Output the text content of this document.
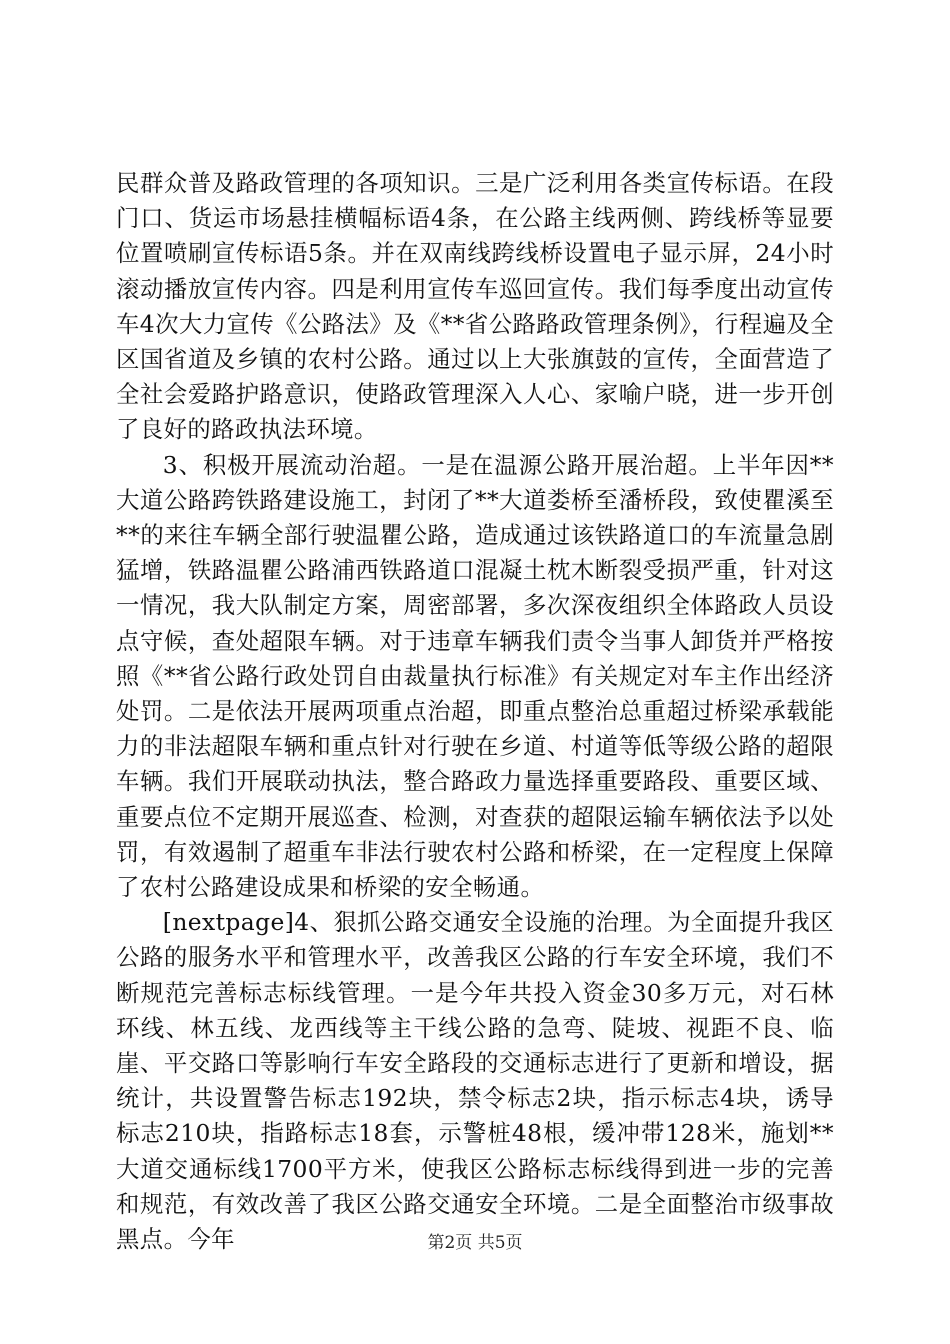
民群众普及路政管理的各项知识。三是广泛利用各类宣传标语。在段门口、货运市场悬挂横幅标语4条，在公路主线两侧、跨线桥等显要位置喷刷宣传标语5条。并在双南线跨线桥设置电子显示屏，24小时滚动播放宣传内容。四是利用宣传车巡回宣传。我们每季度出动宣传车4次大力宣传《公路法》及《**省公路路政管理条例》，行程遍及全区国省道及乡镇的农村公路。通过以上大张旗鼓的宣传，全面营造了全社会爱路护路意识，使路政管理深入人心、家喻户晓，进一步开创了良好的路政执法环境。

3、积极开展流动治超。一是在温源公路开展治超。上半年因**大道公路跨铁路建设施工，封闭了**大道娄桥至潘桥段，致使瞿溪至**的来往车辆全部行驶温瞿公路，造成通过该铁路道口的车流量急剧猛增，铁路温瞿公路浦西铁路道口混凝土枕木断裂受损严重，针对这一情况，我大队制定方案，周密部署，多次深夜组织全体路政人员设点守候，查处超限车辆。对于违章车辆我们责令当事人卸货并严格按照《**省公路行政处罚自由裁量执行标准》有关规定对车主作出经济处罚。二是依法开展两项重点治超，即重点整治总重超过桥梁承载能力的非法超限车辆和重点针对行驶在乡道、村道等低等级公路的超限车辆。我们开展联动执法，整合路政力量选择重要路段、重要区域、重要点位不定期开展巡查、检测，对查获的超限运输车辆依法予以处罚，有效遏制了超重车非法行驶农村公路和桥梁，在一定程度上保障了农村公路建设成果和桥梁的安全畅通。

[nextpage]4、狠抓公路交通安全设施的治理。为全面提升我区公路的服务水平和管理水平，改善我区公路的行车安全环境，我们不断规范完善标志标线管理。一是今年共投入资金30多万元，对石林环线、林五线、龙西线等主干线公路的急弯、陡坡、视距不良、临崖、平交路口等影响行车安全路段的交通标志进行了更新和增设，据统计，共设置警告标志192块，禁令标志2块，指示标志4块，诱导标志210块，指路标志18套，示警桩48根，缓冲带128米，施划**大道交通标线1700平方米，使我区公路标志标线得到进一步的完善和规范，有效改善了我区公路交通安全环境。二是全面整治市级事故黑点。今年	第2页 共5页
